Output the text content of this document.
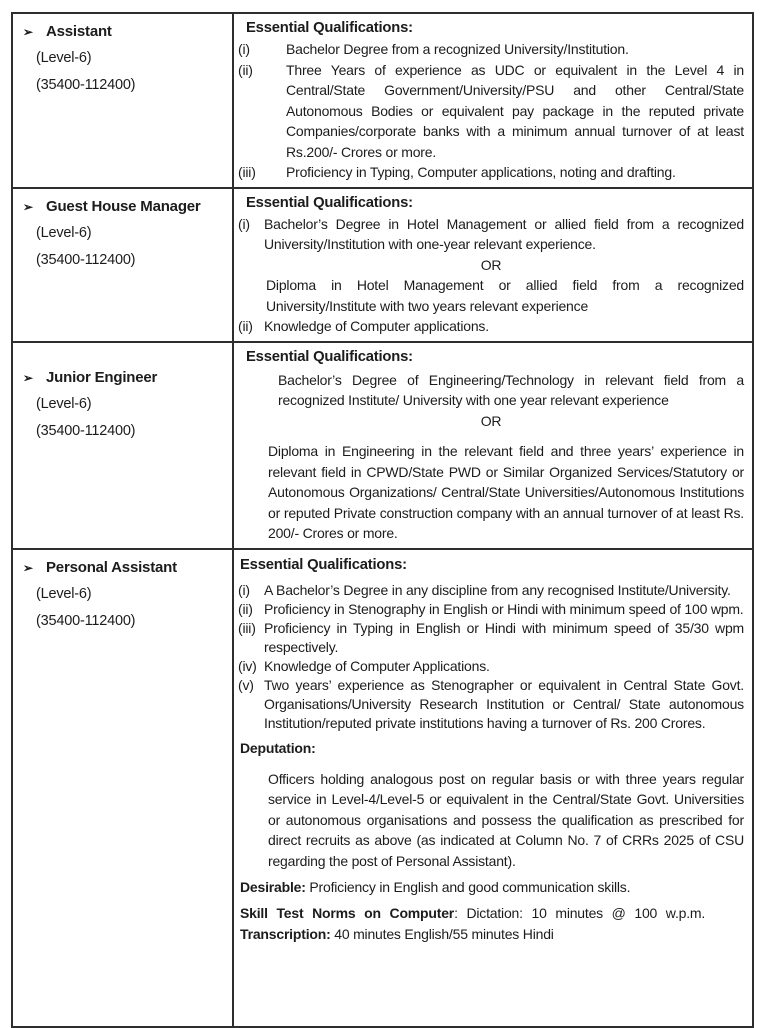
➢ Assistant
(Level-6)
(35400-112400)

Essential Qualifications:
(i)	Bachelor Degree from a recognized University/Institution.
(ii)	Three Years of experience as UDC or equivalent in the Level 4 in Central/State Government/University/PSU and other Central/State Autonomous Bodies or equivalent pay package in the reputed private Companies/corporate banks with a minimum annual turnover of at least Rs.200/- Crores or more.
(iii)	Proficiency in Typing, Computer applications, noting and drafting.

➢ Guest House Manager
(Level-6)
(35400-112400)

Essential Qualifications:
(i)	Bachelor’s Degree in Hotel Management or allied field from a recognized University/Institution with one-year relevant experience.
OR
Diploma in Hotel Management or allied field from a recognized University/Institute with two years relevant experience
(ii) Knowledge of Computer applications.

➢ Junior Engineer
(Level-6)
(35400-112400)

Essential Qualifications:
Bachelor’s Degree of Engineering/Technology in relevant field from a recognized Institute/ University with one year relevant experience
OR
Diploma in Engineering in the relevant field and three years’ experience in relevant field in CPWD/State PWD or Similar Organized Services/Statutory or Autonomous Organizations/ Central/State Universities/Autonomous Institutions or reputed Private construction company with an annual turnover of at least Rs. 200/- Crores or more.

➢ Personal Assistant
(Level-6)
(35400-112400)

Essential Qualifications:
(i)	A Bachelor’s Degree in any discipline from any recognised Institute/University.
(ii) Proficiency in Stenography in English or Hindi with minimum speed of 100 wpm.
(iii) Proficiency in Typing in English or Hindi with minimum speed of 35/30 wpm respectively.
(iv) Knowledge of Computer Applications.
(v) Two years’ experience as Stenographer or equivalent in Central State Govt. Organisations/University Research Institution or Central/ State autonomous Institution/reputed private institutions having a turnover of Rs. 200 Crores.
Deputation:
Officers holding analogous post on regular basis or with three years regular service in Level-4/Level-5 or equivalent in the Central/State Govt. Universities or autonomous organisations and possess the qualification as prescribed for direct recruits as above (as indicated at Column No. 7 of CRRs 2025 of CSU regarding the post of Personal Assistant).
Desirable: Proficiency in English and good communication skills.
Skill Test Norms on Computer: Dictation: 10 minutes @ 100 w.p.m.
Transcription: 40 minutes English/55 minutes Hindi
